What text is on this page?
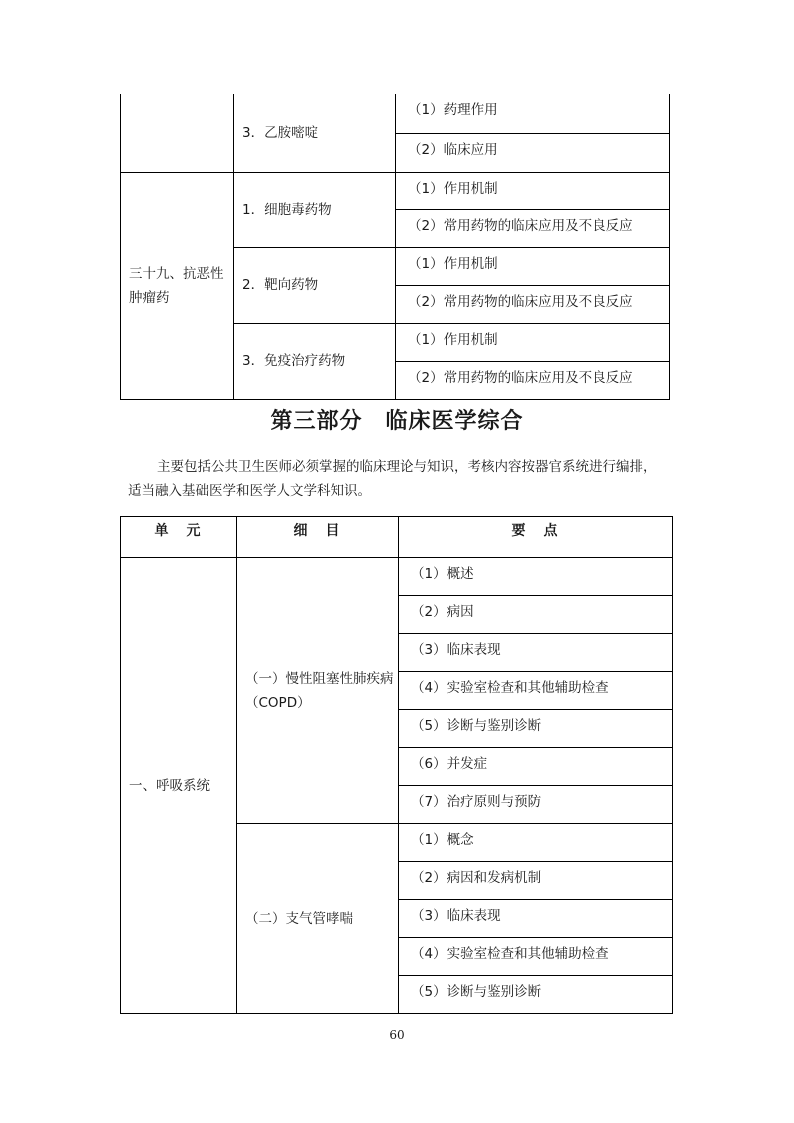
	3．乙胺嘧啶	（1）药理作用
		（2）临床应用
三十九、抗恶性肿瘤药	1．细胞毒药物	（1）作用机制
		（2）常用药物的临床应用及不良反应
	2．靶向药物	（1）作用机制
		（2）常用药物的临床应用及不良反应
	3．免疫治疗药物	（1）作用机制
		（2）常用药物的临床应用及不良反应
第三部分　临床医学综合
主要包括公共卫生医师必须掌握的临床理论与知识，考核内容按器官系统进行编排，适当融入基础医学和医学人文学科知识。
单　元	细　目	要　点
一、呼吸系统	（一）慢性阻塞性肺疾病（COPD）	（1）概述
		（2）病因
		（3）临床表现
		（4）实验室检查和其他辅助检查
		（5）诊断与鉴别诊断
		（6）并发症
		（7）治疗原则与预防
	（二）支气管哮喘	（1）概念
		（2）病因和发病机制
		（3）临床表现
		（4）实验室检查和其他辅助检查
		（5）诊断与鉴别诊断
60
